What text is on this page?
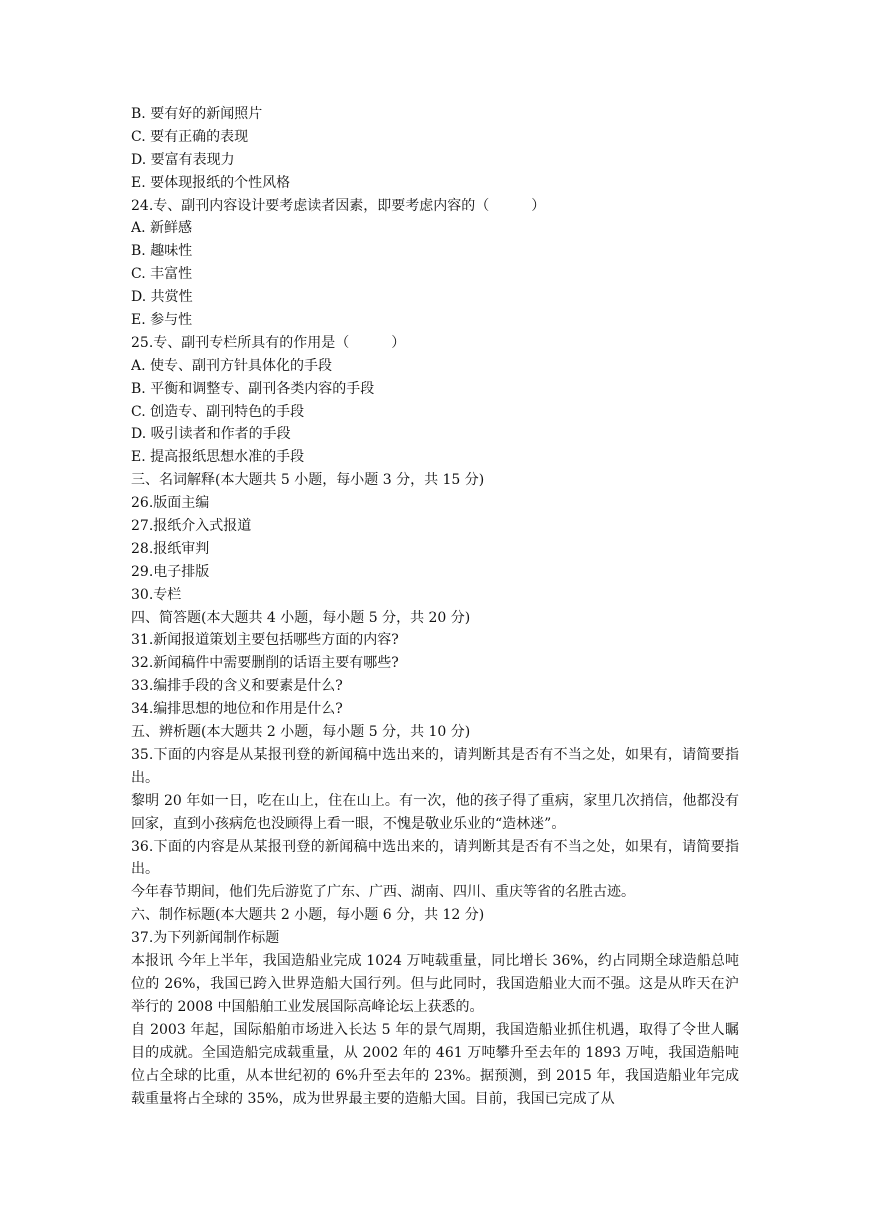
B. 要有好的新闻照片

C. 要有正确的表现

D. 要富有表现力

E. 要体现报纸的个性风格

24.专、副刊内容设计要考虑读者因素，即要考虑内容的（　　　）

A. 新鲜感

B. 趣味性

C. 丰富性

D. 共赏性

E. 参与性

25.专、副刊专栏所具有的作用是（　　　）

A. 使专、副刊方针具体化的手段

B. 平衡和调整专、副刊各类内容的手段

C. 创造专、副刊特色的手段

D. 吸引读者和作者的手段

E. 提高报纸思想水准的手段

三、名词解释(本大题共 5 小题，每小题 3 分，共 15 分)

26.版面主编

27.报纸介入式报道

28.报纸审判

29.电子排版

30.专栏

四、简答题(本大题共 4 小题，每小题 5 分，共 20 分)

31.新闻报道策划主要包括哪些方面的内容?

32.新闻稿件中需要删削的话语主要有哪些?

33.编排手段的含义和要素是什么?

34.编排思想的地位和作用是什么?

五、辨析题(本大题共 2 小题，每小题 5 分，共 10 分)

35.下面的内容是从某报刊登的新闻稿中选出来的，请判断其是否有不当之处，如果有，请简要指出。

黎明 20 年如一日，吃在山上，住在山上。有一次，他的孩子得了重病，家里几次捎信，他都没有回家，直到小孩病危也没顾得上看一眼，不愧是敬业乐业的“造林迷”。

36.下面的内容是从某报刊登的新闻稿中选出来的，请判断其是否有不当之处，如果有，请简要指出。

今年春节期间，他们先后游览了广东、广西、湖南、四川、重庆等省的名胜古迹。

六、制作标题(本大题共 2 小题，每小题 6 分，共 12 分)

37.为下列新闻制作标题

本报讯 今年上半年，我国造船业完成 1024 万吨载重量，同比增长 36%，约占同期全球造船总吨位的 26%，我国已跨入世界造船大国行列。但与此同时，我国造船业大而不强。这是从昨天在沪举行的 2008 中国船舶工业发展国际高峰论坛上获悉的。

自 2003 年起，国际船舶市场进入长达 5 年的景气周期，我国造船业抓住机遇，取得了令世人瞩目的成就。全国造船完成载重量，从 2002 年的 461 万吨攀升至去年的 1893 万吨，我国造船吨位占全球的比重，从本世纪初的 6%升至去年的 23%。据预测，到 2015 年，我国造船业年完成载重量将占全球的 35%，成为世界最主要的造船大国。目前，我国已完成了从
